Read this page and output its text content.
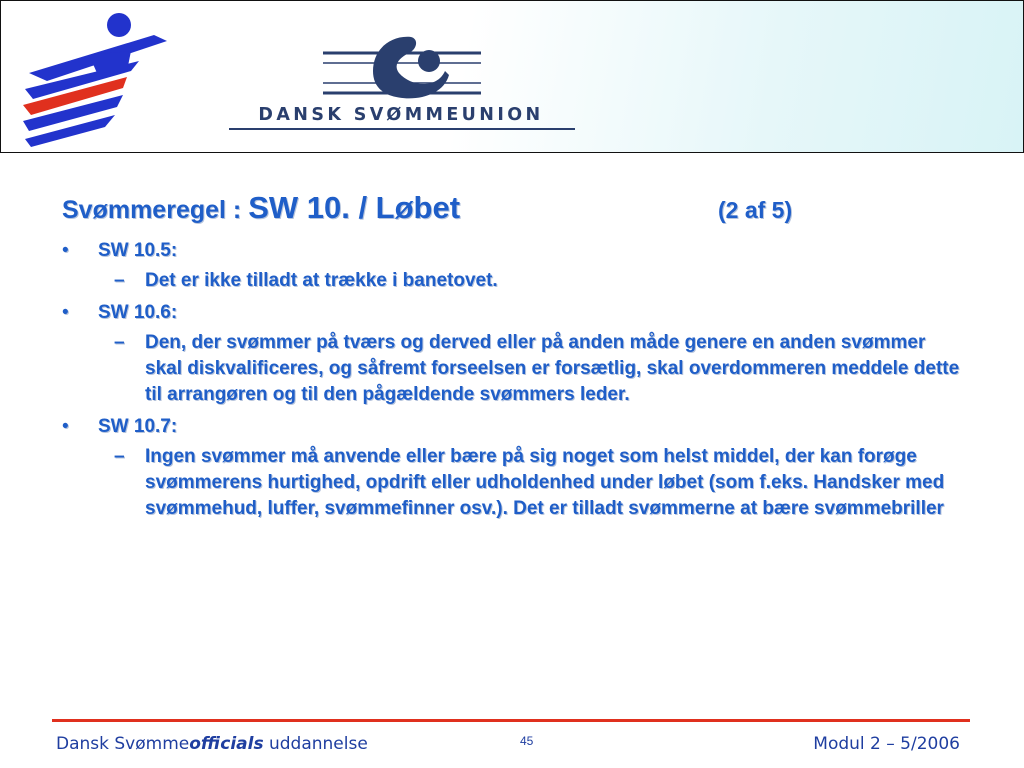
DANSK SVØMMEUNION
Svømmeregel : SW 10. / Løbet	(2 af 5)
• SW 10.5:
– Det er ikke tilladt at trække i banetovet.
• SW 10.6:
– Den, der svømmer på tværs og derved eller på anden måde genere en anden svømmer skal diskvalificeres, og såfremt forseelsen er forsætlig, skal overdommeren meddele dette til arrangøren og til den pågældende svømmers leder.
• SW 10.7:
– Ingen svømmer må anvende eller bære på sig noget som helst middel, der kan forøge svømmerens hurtighed, opdrift eller udholdenhed under løbet (som f.eks. Handsker med svømmehud, luffer, svømmefinner osv.). Det er tilladt svømmerne at bære svømmebriller
Dansk Svømmeofficials uddannelse	45	Modul 2 – 5/2006
